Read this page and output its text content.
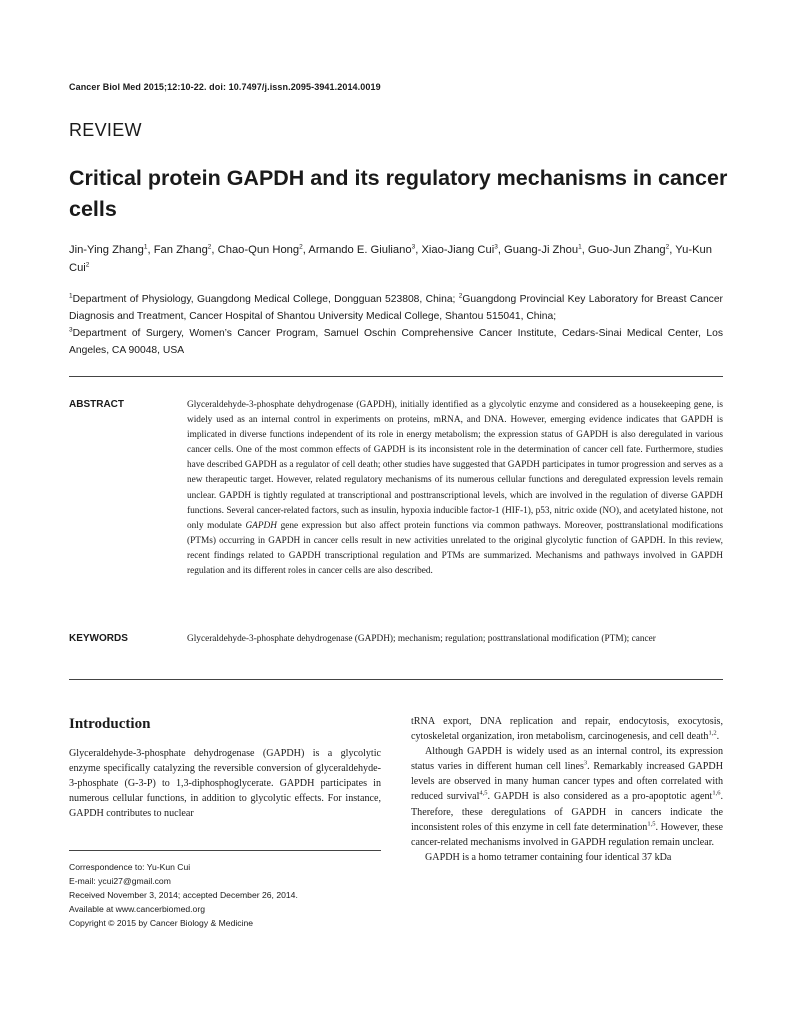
Cancer Biol Med 2015;12:10-22. doi: 10.7497/j.issn.2095-3941.2014.0019
REVIEW
Critical protein GAPDH and its regulatory mechanisms in cancer cells
Jin-Ying Zhang$^1$, Fan Zhang$^2$, Chao-Qun Hong$^2$, Armando E. Giuliano$^3$, Xiao-Jiang Cui$^3$, Guang-Ji Zhou$^1$, Guo-Jun Zhang$^2$, Yu-Kun Cui$^2$
$^1$Department of Physiology, Guangdong Medical College, Dongguan 523808, China; $^2$Guangdong Provincial Key Laboratory for Breast Cancer Diagnosis and Treatment, Cancer Hospital of Shantou University Medical College, Shantou 515041, China;
$^3$Department of Surgery, Women’s Cancer Program, Samuel Oschin Comprehensive Cancer Institute, Cedars-Sinai Medical Center, Los Angeles, CA 90048, USA
ABSTRACT	Glyceraldehyde-3-phosphate dehydrogenase (GAPDH), initially identified as a glycolytic enzyme and considered as a housekeeping gene, is widely used as an internal control in experiments on proteins, mRNA, and DNA. However, emerging evidence indicates that GAPDH is implicated in diverse functions independent of its role in energy metabolism; the expression status of GAPDH is also deregulated in various cancer cells. One of the most common effects of GAPDH is its inconsistent role in the determination of cancer cell fate. Furthermore, studies have described GAPDH as a regulator of cell death; other studies have suggested that GAPDH participates in tumor progression and serves as a new therapeutic target. However, related regulatory mechanisms of its numerous cellular functions and deregulated expression levels remain unclear. GAPDH is tightly regulated at transcriptional and posttranscriptional levels, which are involved in the regulation of diverse GAPDH functions. Several cancer-related factors, such as insulin, hypoxia inducible factor-1 (HIF-1), p53, nitric oxide (NO), and acetylated histone, not only modulate GAPDH gene expression but also affect protein functions via common pathways. Moreover, posttranslational modifications (PTMs) occurring in GAPDH in cancer cells result in new activities unrelated to the original glycolytic function of GAPDH. In this review, recent findings related to GAPDH transcriptional regulation and PTMs are summarized. Mechanisms and pathways involved in GAPDH regulation and its different roles in cancer cells are also described.
KEYWORDS	Glyceraldehyde-3-phosphate dehydrogenase (GAPDH); mechanism; regulation; posttranslational modification (PTM); cancer
Introduction

Glyceraldehyde-3-phosphate dehydrogenase (GAPDH) is a glycolytic enzyme specifically catalyzing the reversible conversion of glyceraldehyde-3-phosphate (G-3-P) to 1,3-diphosphoglycerate. GAPDH participates in numerous cellular functions, in addition to glycolytic effects. For instance, GAPDH contributes to nuclear

Correspondence to: Yu-Kun Cui
E-mail: ycui27@gmail.com
Received November 3, 2014; accepted December 26, 2014.
Available at www.cancerbiomed.org
Copyright © 2015 by Cancer Biology & Medicine

tRNA export, DNA replication and repair, endocytosis, exocytosis, cytoskeletal organization, iron metabolism, carcinogenesis, and cell death$^{1,2}$.

Although GAPDH is widely used as an internal control, its expression status varies in different human cell lines$^3$. Remarkably increased GAPDH levels are observed in many human cancer types and often correlated with reduced survival$^{4,5}$. GAPDH is also considered as a pro-apoptotic agent$^{1,6}$. Therefore, these deregulations of GAPDH in cancers indicate the inconsistent roles of this enzyme in cell fate determination$^{1,5}$. However, these cancer-related mechanisms involved in GAPDH regulation remain unclear.

GAPDH is a homo tetramer containing four identical 37 kDa
